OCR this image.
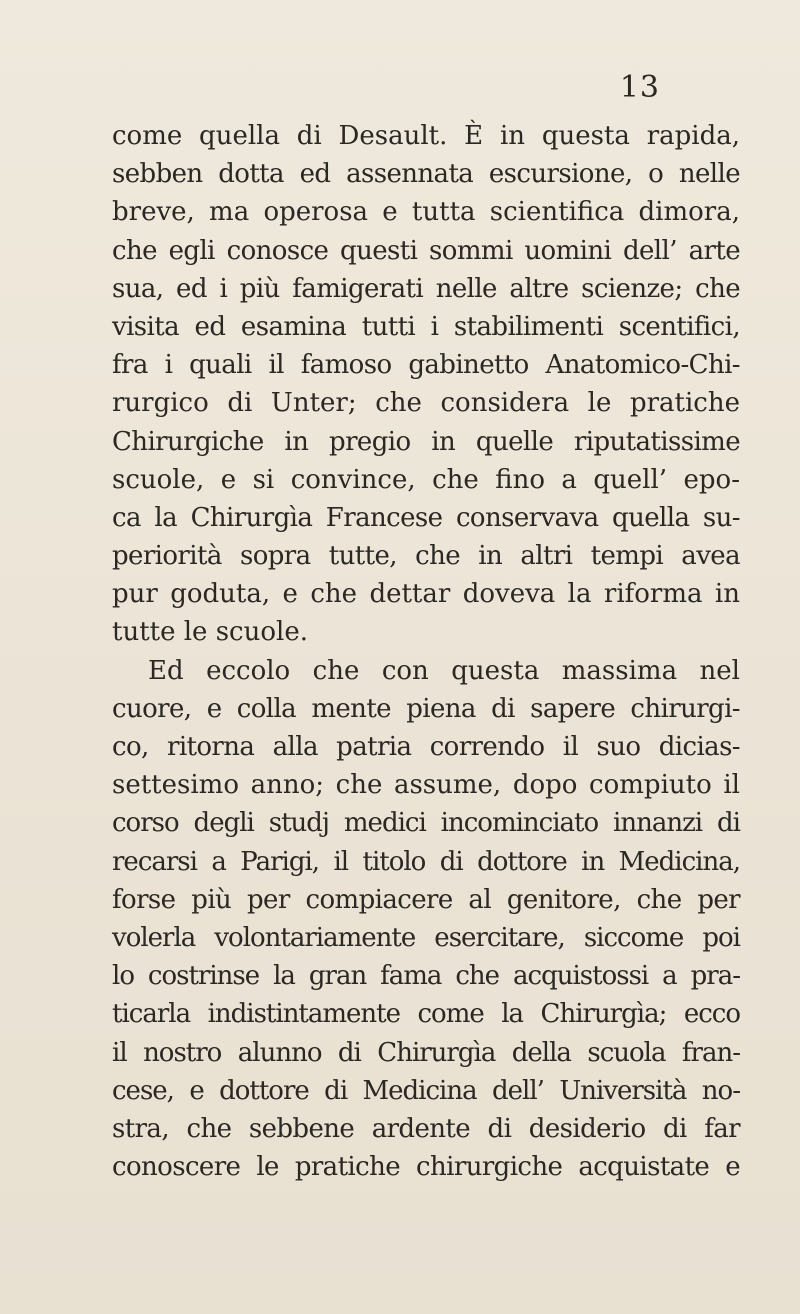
13
come quella di Desault. È in questa rapida,
sebben dotta ed assennata escursione, o nelle
breve, ma operosa e tutta scientifica dimora,
che egli conosce questi sommi uomini dell’ arte
sua, ed i più famigerati nelle altre scienze; che
visita ed esamina tutti i stabilimenti scentifici,
fra i quali il famoso gabinetto Anatomico-Chi-
rurgico di Unter; che considera le pratiche
Chirurgiche in pregio in quelle riputatissime
scuole, e si convince, che fino a quell’ epo-
ca la Chirurgìa Francese conservava quella su-
periorità sopra tutte, che in altri tempi avea
pur goduta, e che dettar doveva la riforma in
tutte le scuole.
Ed eccolo che con questa massima nel
cuore, e colla mente piena di sapere chirurgi-
co, ritorna alla patria correndo il suo dicias-
settesimo anno; che assume, dopo compiuto il
corso degli studj medici incominciato innanzi di
recarsi a Parigi, il titolo di dottore in Medicina,
forse più per compiacere al genitore, che per
volerla volontariamente esercitare, siccome poi
lo costrinse la gran fama che acquistossi a pra-
ticarla indistintamente come la Chirurgìa; ecco
il nostro alunno di Chirurgìa della scuola fran-
cese, e dottore di Medicina dell’ Università no-
stra, che sebbene ardente di desiderio di far
conoscere le pratiche chirurgiche acquistate e
